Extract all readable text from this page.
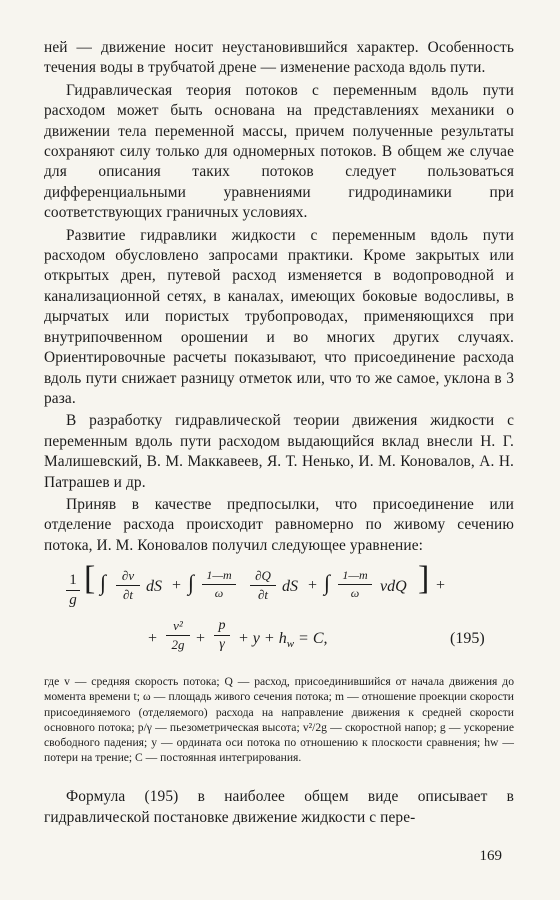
ней — движение носит неустановившийся характер. Особенность течения воды в трубчатой дрене — изменение расхода вдоль пути.

Гидравлическая теория потоков с переменным вдоль пути расходом может быть основана на представлениях механики о движении тела переменной массы, причем полученные результаты сохраняют силу только для одномерных потоков. В общем же случае для описания таких потоков следует пользоваться дифференциальными уравнениями гидродинамики при соответствующих граничных условиях.

Развитие гидравлики жидкости с переменным вдоль пути расходом обусловлено запросами практики. Кроме закрытых или открытых дрен, путевой расход изменяется в водопроводной и канализационной сетях, в каналах, имеющих боковые водосливы, в дырчатых или пористых трубопроводах, применяющихся при внутрипочвенном орошении и во многих других случаях. Ориентировочные расчеты показывают, что присоединение расхода вдоль пути снижает разницу отметок или, что то же самое, уклона в 3 раза.

В разработку гидравлической теории движения жидкости с переменным вдоль пути расходом выдающийся вклад внесли Н. Г. Малишевский, В. М. Маккавеев, Я. Т. Ненько, И. М. Коновалов, А. Н. Патрашев и др.

Приняв в качестве предпосылки, что присоединение или отделение расхода происходит равномерно по живому сечению потока, И. М. Коновалов получил следующее уравнение:

1
g
[ ∫	∂v
∂t dS + ∫	1—m
ω
∂Q
∂t dS + ∫	1—m
ω	vdQ ] +
+
v²
2g +
p
$\gamma + y + h_w = C$,	(195)

где v — средняя скорость потока; Q — расход, присоединившийся от начала движения до момента времени t; ω — площадь живого сечения потока; m — отношение проекции скорости присоединяемого (отделяемого) расхода на направление движения к средней скорости основного потока; p/γ — пьезометрическая высота; v²/2g — скоростной напор; g — ускорение свободного падения; y — ордината оси потока по отношению к плоскости сравнения; hw — потери на трение; C — постоянная интегрирования.

Формула (195) в наиболее общем виде описывает в гидравлической постановке движение жидкости с пере-

169
